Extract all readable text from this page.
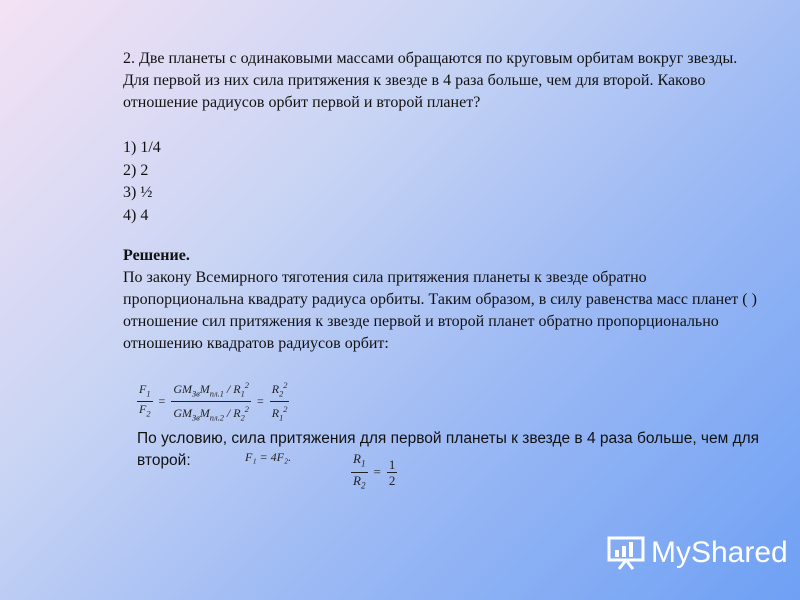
2. Две планеты с одинаковыми массами обращаются по круговым орбитам вокруг звезды. Для первой из них сила притяжения к звезде в 4 раза больше, чем для второй. Каково отношение радиусов орбит первой и второй планет?
1) 1/4
2) 2
3) ½
4) 4
Решение.
По закону Всемирного тяготения сила притяжения планеты к звезде обратно пропорциональна квадрату радиуса орбиты. Таким образом, в силу равенства масс планет ( ) отношение сил притяжения к звезде первой и второй планет обратно пропорционально отношению квадратов радиусов орбит:
$\frac{F_1}{F_2} = \frac{GM_{Зв}M_{пл.1} / R_1^2}{GM_{Зв}M_{пл.2} / R_2^2} = \frac{R_2^2}{R_1^2}$
По условию, сила притяжения для первой планеты к звезде в 4 раза больше, чем для второй:	F₁ = 4F₂.	$\frac{R_1}{R_2} = \frac{1}{2}$
MyShared
